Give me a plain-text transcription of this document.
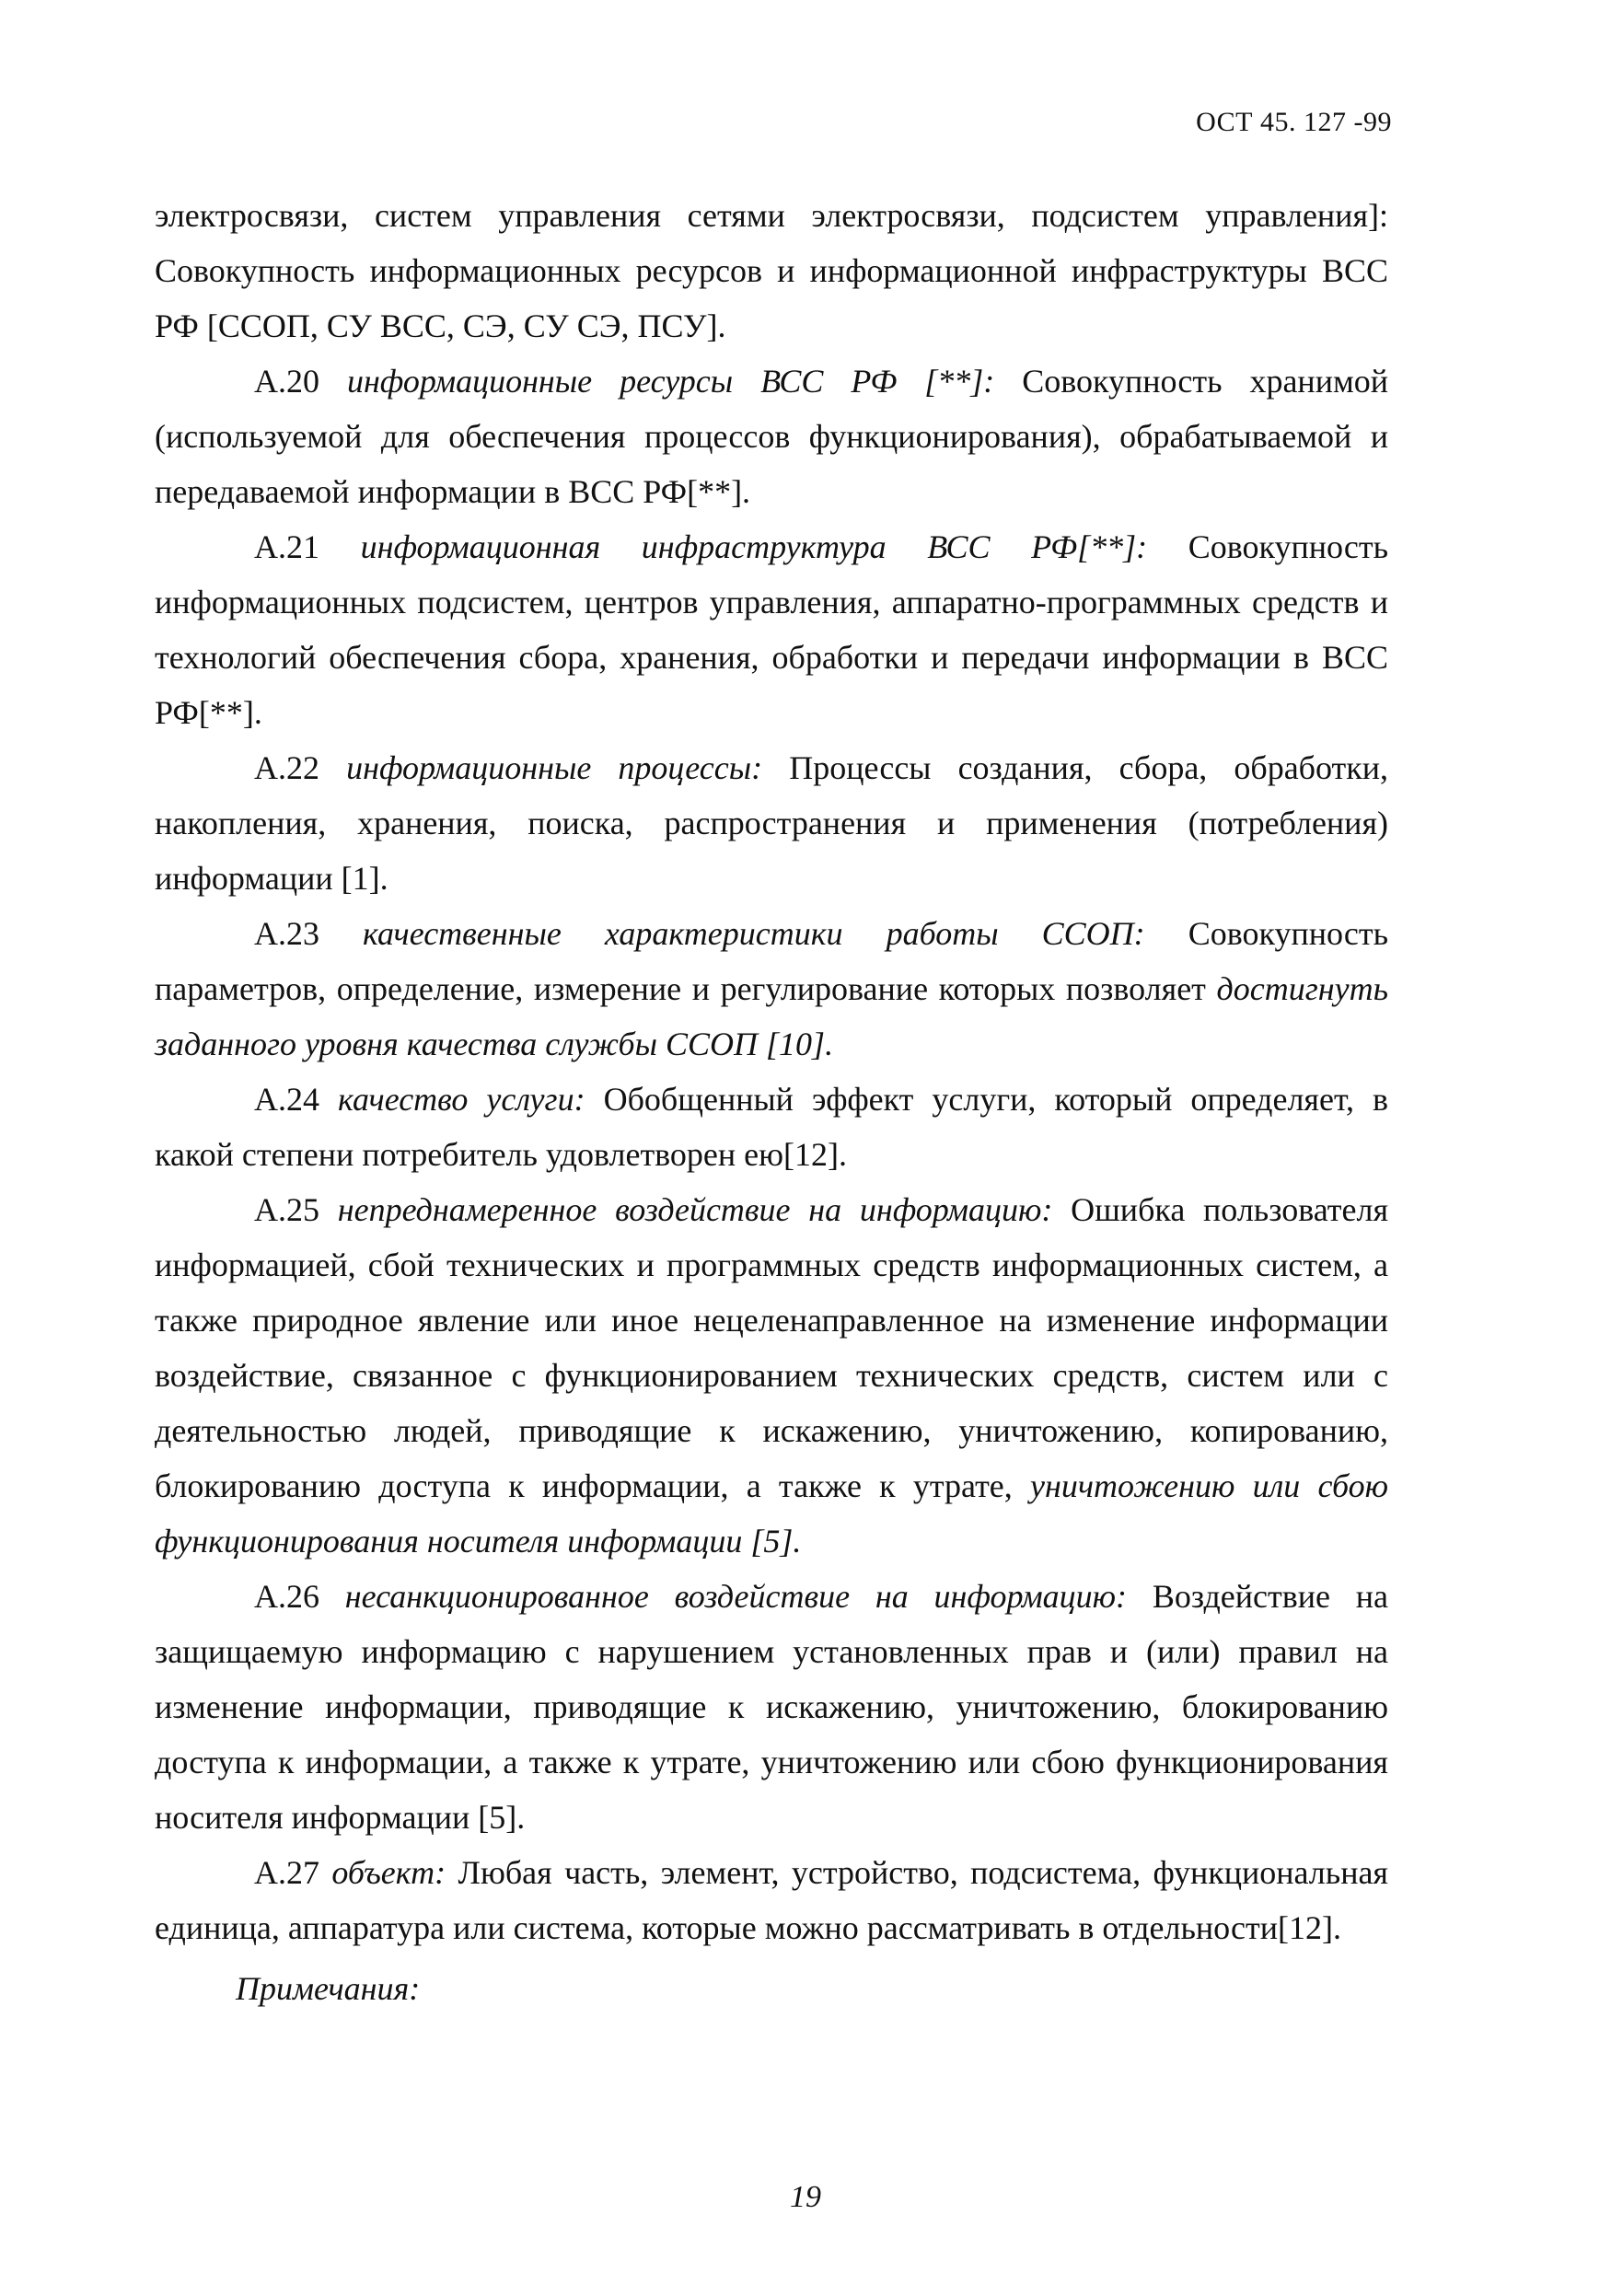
ОСТ 45. 127 -99

электросвязи, систем управления сетями электросвязи, подсистем управления]: Совокупность информационных ресурсов и информационной инфраструктуры ВСС РФ [ССОП, СУ ВСС, СЭ, СУ СЭ, ПСУ].

А.20 информационные ресурсы ВСС РФ [**]: Совокупность хранимой (используемой для обеспечения процессов функционирования), обрабатываемой и передаваемой информации в ВСС РФ[**].

А.21 информационная инфраструктура ВСС РФ[**]: Совокупность информационных подсистем, центров управления, аппаратно-программных средств и технологий обеспечения сбора, хранения, обработки и передачи информации в ВСС РФ[**].

А.22 информационные процессы: Процессы создания, сбора, обработки, накопления, хранения, поиска, распространения и применения (потребления) информации [1].

А.23 качественные характеристики работы ССОП: Совокупность параметров, определение, измерение и регулирование которых позволяет достигнуть заданного уровня качества службы ССОП [10].

А.24 качество услуги: Обобщенный эффект услуги, который определяет, в какой степени потребитель удовлетворен ею[12].

А.25 непреднамеренное воздействие на информацию: Ошибка пользователя информацией, сбой технических и программных средств информационных систем, а также природное явление или иное нецеленаправленное на изменение информации воздействие, связанное с функционированием технических средств, систем или с деятельностью людей, приводящие к искажению, уничтожению, копированию, блокированию доступа к информации, а также к утрате, уничтожению или сбою функционирования носителя информации [5].

А.26 несанкционированное воздействие на информацию: Воздействие на защищаемую информацию с нарушением установленных прав и (или) правил на изменение информации, приводящие к искажению, уничтожению, блокированию доступа к информации, а также к утрате, уничтожению или сбою функционирования носителя информации [5].

А.27 объект: Любая часть, элемент, устройство, подсистема, функциональная единица, аппаратура или система, которые можно рассматривать в отдельности[12].

Примечания:

19
